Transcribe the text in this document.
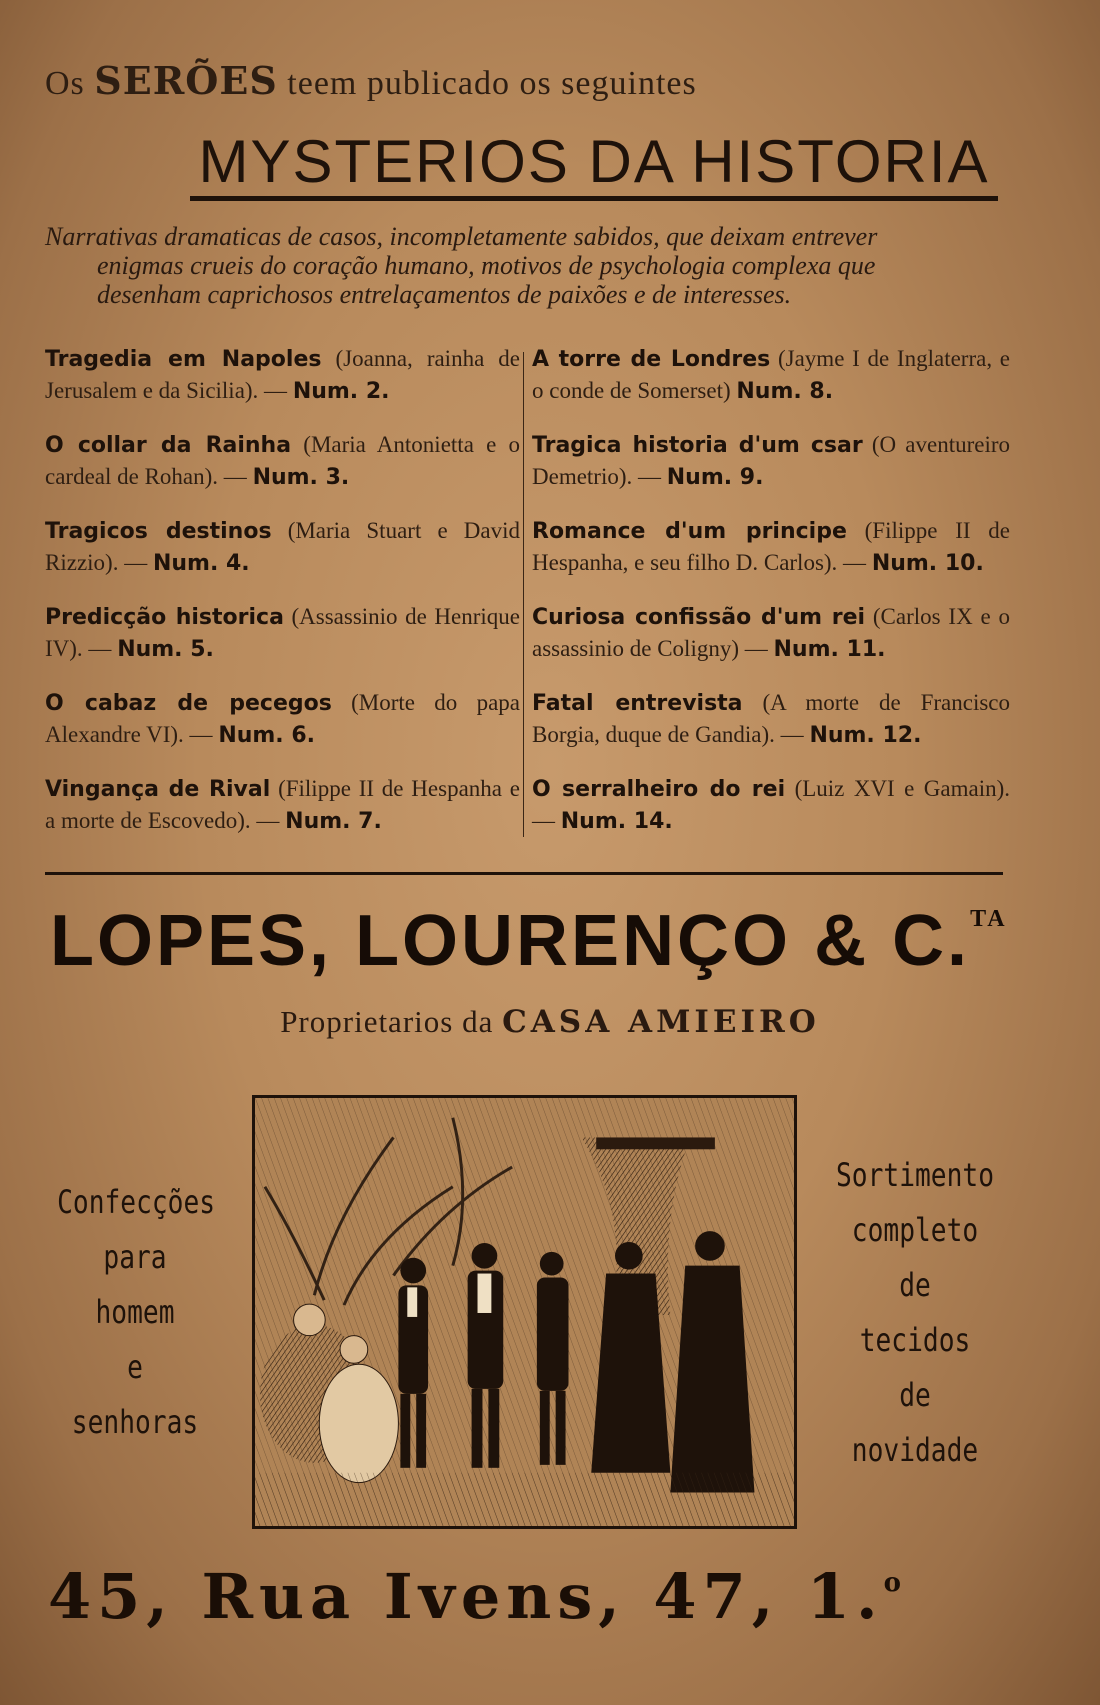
Os SERÕES teem publicado os seguintes
MYSTERIOS DA HISTORIA
Narrativas dramaticas de casos, incompletamente sabidos, que deixam entrever
enigmas crueis do coração humano, motivos de psychologia complexa que
desenham caprichosos entrelaçamentos de paixões e de interesses.
Tragedia em Napoles (Joanna, rainha de Jerusalem e da Sicilia). — Num. 2.
O collar da Rainha (Maria Antonietta e o cardeal de Rohan). — Num. 3.
Tragicos destinos (Maria Stuart e David Rizzio). — Num. 4.
Predicção historica (Assassinio de Henrique IV). — Num. 5.
O cabaz de pecegos (Morte do papa Alexandre VI). — Num. 6.
Vingança de Rival (Filippe II de Hespanha e a morte de Escovedo). — Num. 7.
A torre de Londres (Jayme I de Inglaterra, e o conde de Somerset) Num. 8.
Tragica historia d'um csar (O aventureiro Demetrio). — Num. 9.
Romance d'um principe (Filippe II de Hespanha, e seu filho D. Carlos). — Num. 10.
Curiosa confissão d'um rei (Carlos IX e o assassinio de Coligny) — Num. 11.
Fatal entrevista (A morte de Francisco Borgia, duque de Gandia). — Num. 12.
O serralheiro do rei (Luiz XVI e Gamain). — Num. 14.
LOPES, LOURENÇO & C.$^{TA}$
Proprietarios da CASA AMIEIRO
Confecções
para
homem
e
senhoras
Sortimento
completo
de
tecidos
de
novidade
45, Rua Ivens, 47, 1.$^o$
